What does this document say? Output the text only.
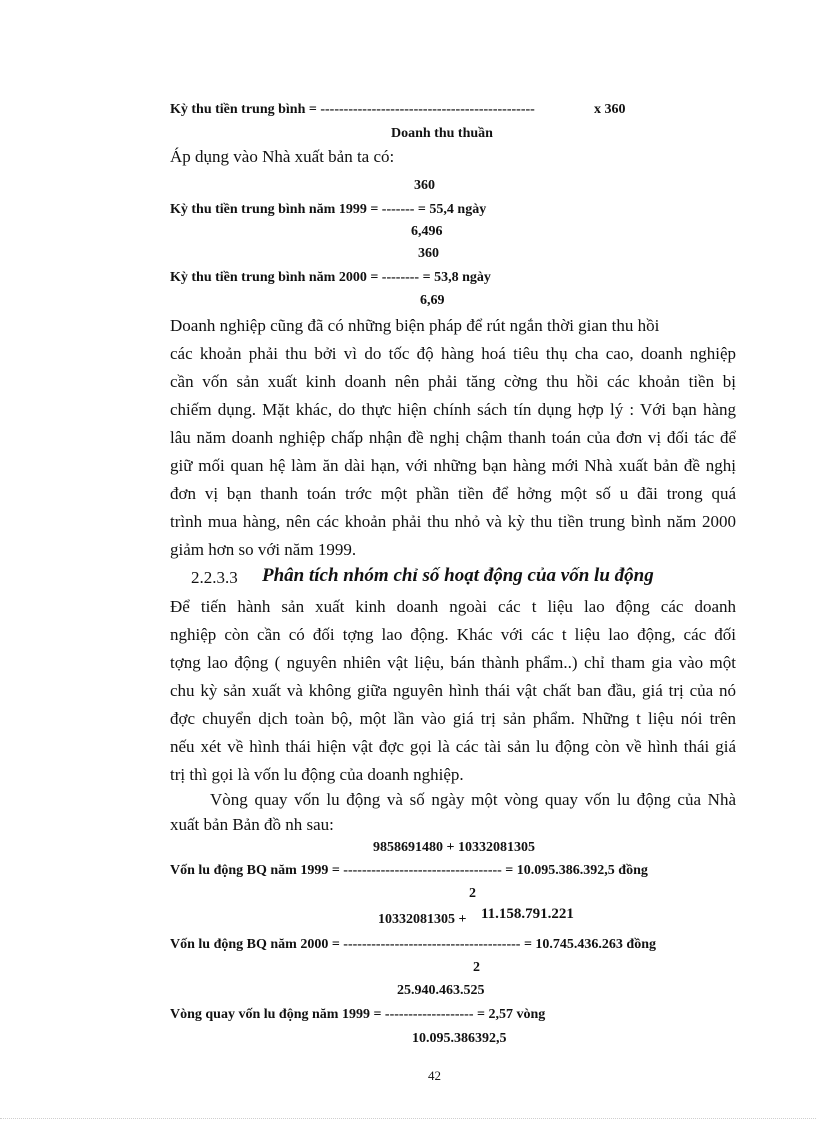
Kỳ thu tiền trung bình = ----------------------------------------------	x 360
Doanh thu thuần
Áp dụng vào Nhà xuất bản ta có:
360
Kỳ thu tiền trung bình năm 1999 = ------- = 55,4 ngày
6,496
360
Kỳ thu tiền trung bình năm 2000 = -------- = 53,8 ngày
6,69
Doanh nghiệp cũng đã có những biện pháp để rút ngắn thời gian thu hồi
các khoản phải thu bởi vì do tốc độ hàng hoá tiêu thụ cha cao, doanh nghiệp
cần vốn sản xuất kinh doanh nên phải tăng cờng thu hồi các khoản tiền bị
chiếm dụng. Mặt khác, do thực hiện chính sách tín dụng hợp lý : Với bạn hàng
lâu năm doanh nghiệp chấp nhận đề nghị chậm thanh toán của đơn vị đối tác để
giữ mối quan hệ làm ăn dài hạn, với những bạn hàng mới Nhà xuất bản đề nghị
đơn vị bạn thanh toán trớc một phần tiền để hởng một số u đãi trong quá
trình mua hàng, nên các khoản phải thu nhỏ và kỳ thu tiền trung bình năm 2000
giảm hơn so với năm 1999.
2.2.3.3 Phân tích nhóm chỉ số hoạt động của vốn lu động
Để tiến hành sản xuất kinh doanh ngoài các t liệu lao động các doanh
nghiệp còn cần có đối tợng lao động. Khác với các t liệu lao động, các đối
tợng lao động ( nguyên nhiên vật liệu, bán thành phẩm..) chỉ tham gia vào một
chu kỳ sản xuất và không giữa nguyên hình thái vật chất ban đầu, giá trị của nó
đợc chuyển dịch toàn bộ, một lần vào giá trị sản phẩm. Những t liệu nói trên
nếu xét về hình thái hiện vật đợc gọi là các tài sản lu động còn về hình thái giá
trị thì gọi là vốn lu động của doanh nghiệp.
Vòng quay vốn lu động và số ngày một vòng quay vốn lu động của Nhà
xuất bản Bản đồ nh sau:
9858691480 + 10332081305
Vốn lu động BQ năm 1999 = ---------------------------------- = 10.095.386.392,5 đồng
2
10332081305 + 11.158.791.221
Vốn lu động BQ năm 2000 = -------------------------------------- = 10.745.436.263 đồng
2
25.940.463.525
Vòng quay vốn lu động năm 1999 = ------------------- = 2,57 vòng
10.095.386392,5
42
